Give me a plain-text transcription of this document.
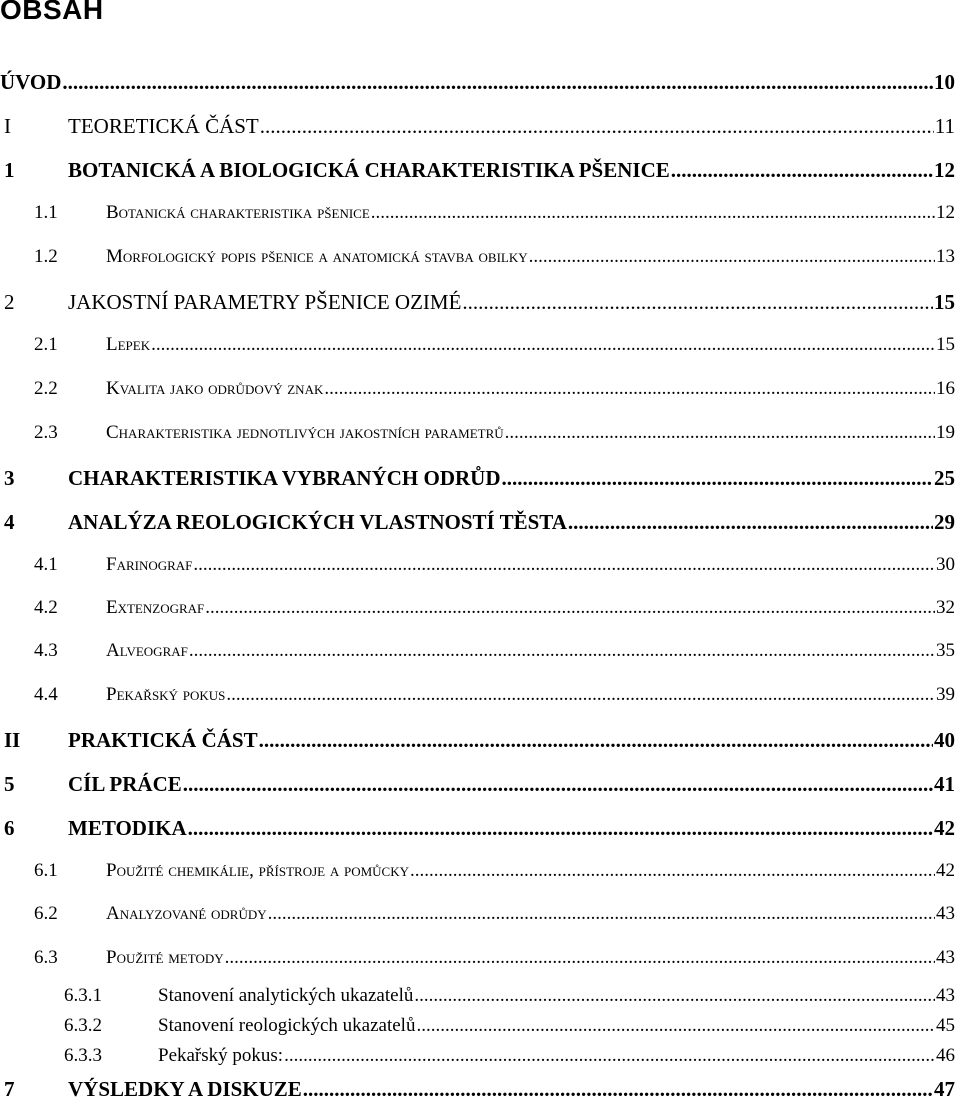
OBSAH
ÚVOD .....	10
I	TEORETICKÁ ČÁST .....	11
1	BOTANICKÁ A BIOLOGICKÁ CHARAKTERISTIKA PŠENICE .....	12
1.1	Botanická charakteristika pšenice .....	12
1.2	Morfologický popis pšenice a anatomická stavba obilky .....	13
2	JAKOSTNÍ PARAMETRY PŠENICE OZIMÉ .....	15
2.1	Lepek .....	15
2.2	Kvalita jako odrůdový znak .....	16
2.3	Charakteristika jednotlivých jakostních parametrů .....	19
3	CHARAKTERISTIKA VYBRANÝCH ODRŮD .....	25
4	ANALÝZA REOLOGICKÝCH VLASTNOSTÍ TĚSTA .....	29
4.1	Farinograf .....	30
4.2	Extenzograf .....	32
4.3	Alveograf .....	35
4.4	Pekařský pokus .....	39
II	PRAKTICKÁ ČÁST .....	40
5	CÍL PRÁCE .....	41
6	METODIKA .....	42
6.1	Použité chemikálie, přístroje a pomůcky .....	42
6.2	Analyzované odrůdy .....	43
6.3	Použité metody .....	43
6.3.1	Stanovení analytických ukazatelů .....	43
6.3.2	Stanovení reologických ukazatelů .....	45
6.3.3	Pekařský pokus: .....	46
7	VÝSLEDKY A DISKUZE .....	47
